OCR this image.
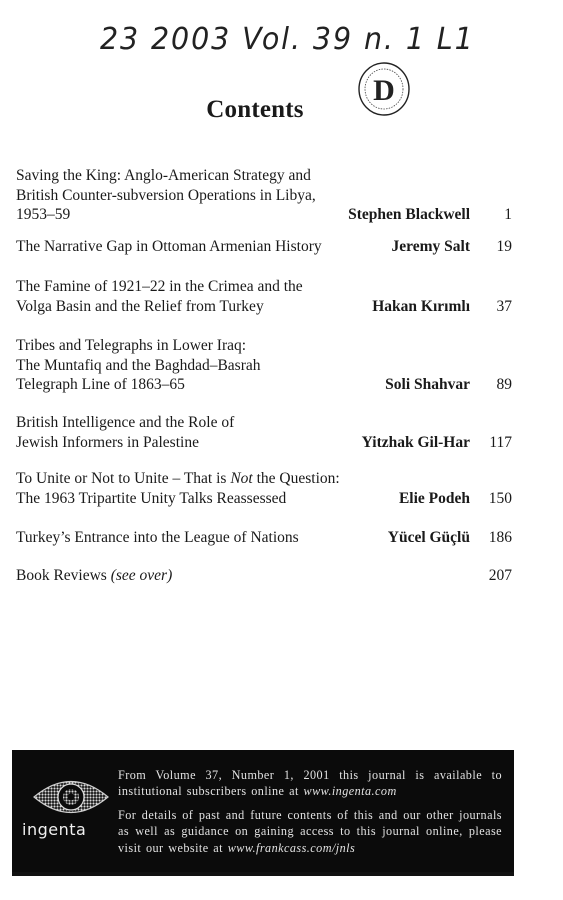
23 2003 Vol. 39 n. 1 L1
D
Contents
Saving the King: Anglo-American Strategy and
British Counter-subversion Operations in Libya,
1953–59	Stephen Blackwell	1
The Narrative Gap in Ottoman Armenian History	Jeremy Salt	19
The Famine of 1921–22 in the Crimea and the
Volga Basin and the Relief from Turkey	Hakan Kırımlı	37
Tribes and Telegraphs in Lower Iraq:
The Muntafiq and the Baghdad–Basrah
Telegraph Line of 1863–65	Soli Shahvar	89
British Intelligence and the Role of
Jewish Informers in Palestine	Yitzhak Gil-Har	117
To Unite or Not to Unite – That is Not the Question:
The 1963 Tripartite Unity Talks Reassessed	Elie Podeh	150
Turkey’s Entrance into the League of Nations	Yücel Güçlü	186
Book Reviews (see over)	207
ingenta

From Volume 37, Number 1, 2001 this journal is available to institutional subscribers online at www.ingenta.com

For details of past and future contents of this and our other journals as well as guidance on gaining access to this journal online, please visit our website at www.frankcass.com/jnls
